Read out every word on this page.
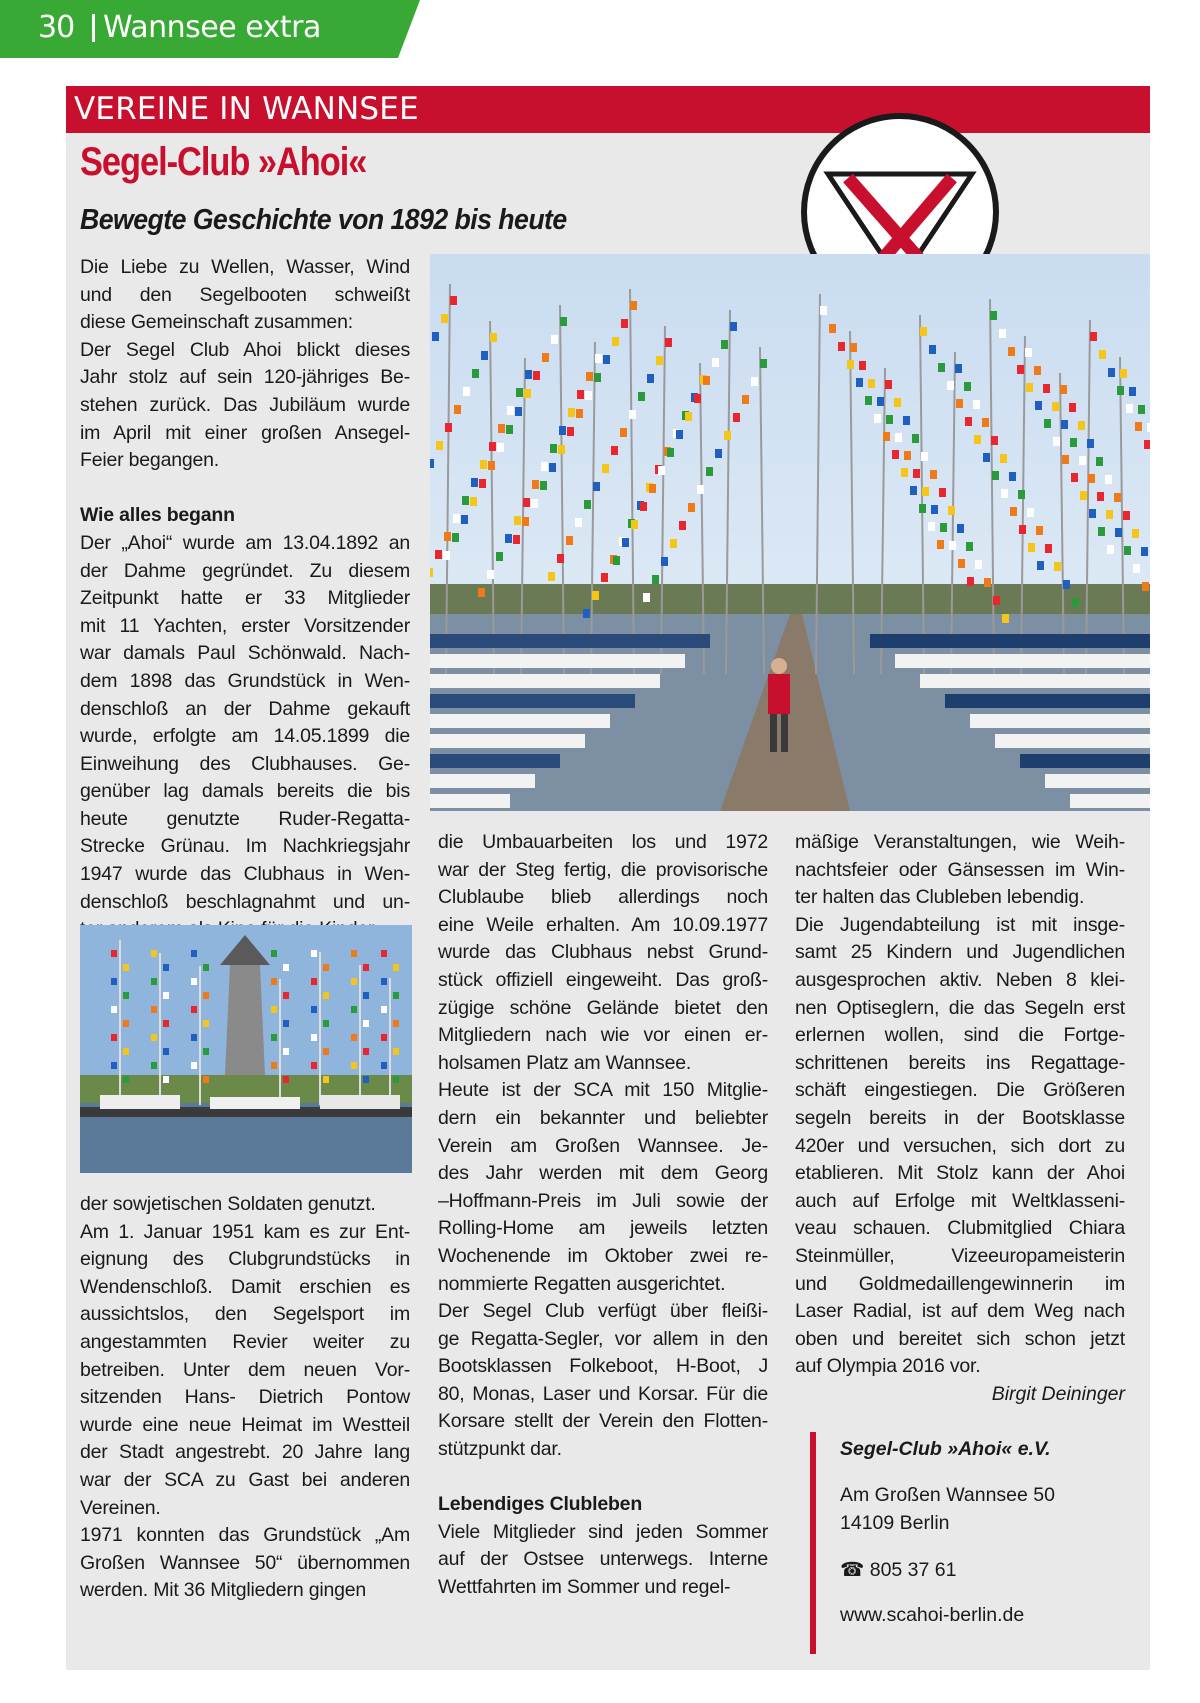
30 Wannsee extra
VEREINE IN WANNSEE
Segel-Club »Ahoi«
Bewegte Geschichte von 1892 bis heute

Die Liebe zu Wellen, Wasser, Wind

und den Segelbooten schweißt

diese Gemeinschaft zusammen:

Der Segel Club Ahoi blickt dieses

Jahr stolz auf sein 120-jähriges Be-

stehen zurück. Das Jubiläum wurde

im April mit einer großen Ansegel-

Feier begangen.

Wie alles begann

Der „Ahoi“ wurde am 13.04.1892 an

der Dahme gegründet. Zu diesem

Zeitpunkt hatte er 33 Mitglieder

mit 11 Yachten, erster Vorsitzender

war damals Paul Schönwald. Nach-

dem 1898 das Grundstück in Wen-

denschloß an der Dahme gekauft

wurde, erfolgte am 14.05.1899 die

Einweihung des Clubhauses. Ge-

genüber lag damals bereits die bis

heute genutzte Ruder-Regatta-

Strecke Grünau. Im Nachkriegsjahr

1947 wurde das Clubhaus in Wen-

denschloß beschlagnahmt und un-

der sowjetischen Soldaten genutzt.

Am 1. Januar 1951 kam es zur Ent-

eignung des Clubgrundstücks in

Wendenschloß. Damit erschien es

aussichtslos, den Segelsport im

angestammten Revier weiter zu

betreiben. Unter dem neuen Vor-

sitzenden Hans- Dietrich Pontow

wurde eine neue Heimat im Westteil

der Stadt angestrebt. 20 Jahre lang

war der SCA zu Gast bei anderen

Vereinen.

1971 konnten das Grundstück „Am

Großen Wannsee 50“ übernommen

werden. Mit 36 Mitgliedern gingen

die Umbauarbeiten los und 1972

war der Steg fertig, die provisorische

Clublaube blieb allerdings noch

eine Weile erhalten. Am 10.09.1977

wurde das Clubhaus nebst Grund-

stück offiziell eingeweiht. Das groß-

zügige schöne Gelände bietet den

Mitgliedern nach wie vor einen er-

holsamen Platz am Wannsee.

Heute ist der SCA mit 150 Mitglie-

dern ein bekannter und beliebter

Verein am Großen Wannsee. Je-

des Jahr werden mit dem Georg

–Hoffmann-Preis im Juli sowie der

Rolling-Home am jeweils letzten

Wochenende im Oktober zwei re-

nommierte Regatten ausgerichtet.

Der Segel Club verfügt über fleißi-

ge Regatta-Segler, vor allem in den

Bootsklassen Folkeboot, H-Boot, J

80, Monas, Laser und Korsar. Für die

Korsare stellt der Verein den Flotten-

stützpunkt dar.

Lebendiges Clubleben

Viele Mitglieder sind jeden Sommer

auf der Ostsee unterwegs. Interne

Wettfahrten im Sommer und regel-

mäßige Veranstaltungen, wie Weih-

nachtsfeier oder Gänsessen im Win-

ter halten das Clubleben lebendig.

Die Jugendabteilung ist mit insge-

samt 25 Kindern und Jugendlichen

ausgesprochen aktiv. Neben 8 klei-

nen Optiseglern, die das Segeln erst

erlernen wollen, sind die Fortge-

schrittenen bereits ins Regattage-

schäft eingestiegen. Die Größeren

segeln bereits in der Bootsklasse

420er und versuchen, sich dort zu

etablieren. Mit Stolz kann der Ahoi

auch auf Erfolge mit Weltklasseni-

veau schauen. Clubmitglied Chiara

Steinmüller, Vizeeuropameisterin

und Goldmedaillengewinnerin im

Laser Radial, ist auf dem Weg nach

oben und bereitet sich schon jetzt

auf Olympia 2016 vor.

Birgit Deininger
Segel-Club »Ahoi« e.V.
Am Großen Wannsee 50
14109 Berlin
☎ 805 37 61
www.scahoi-berlin.de
